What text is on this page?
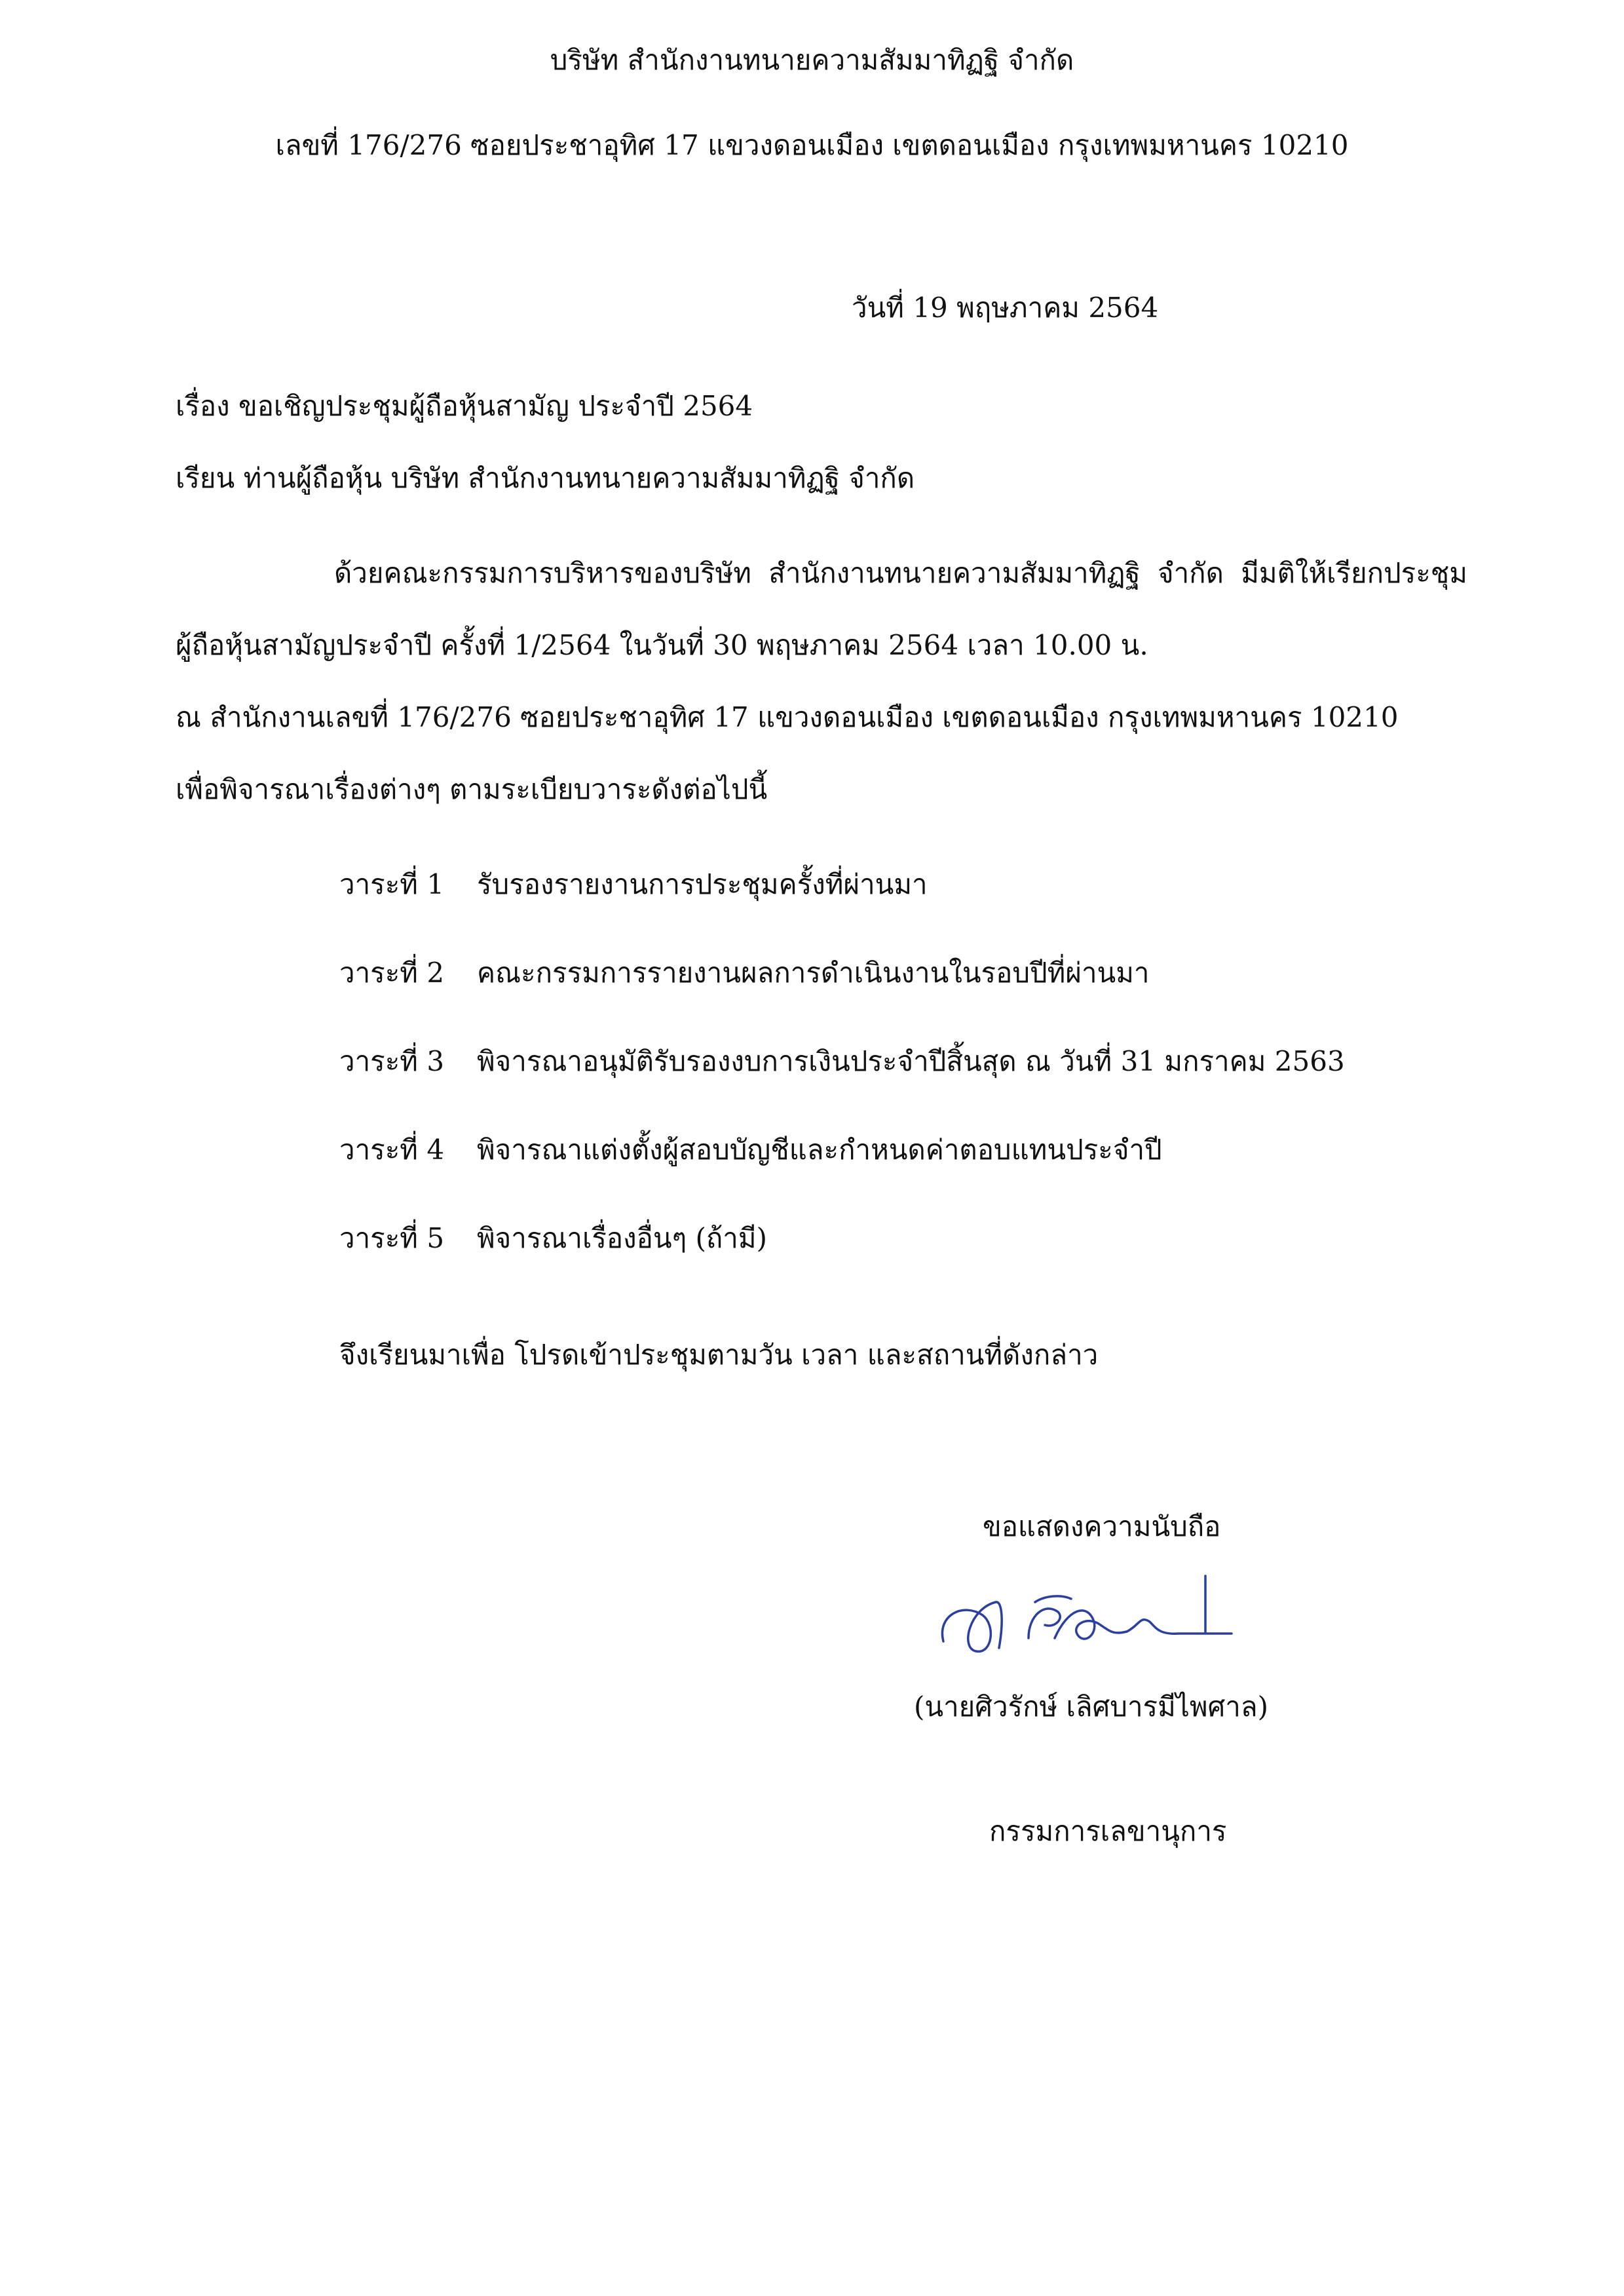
บริษัท สำนักงานทนายความสัมมาทิฏฐิ จำกัด
เลขที่ 176/276 ซอยประชาอุทิศ 17 แขวงดอนเมือง เขตดอนเมือง กรุงเทพมหานคร 10210
วันที่ 19 พฤษภาคม 2564
เรื่อง ขอเชิญประชุมผู้ถือหุ้นสามัญ ประจำปี 2564
เรียน ท่านผู้ถือหุ้น บริษัท สำนักงานทนายความสัมมาทิฏฐิ จำกัด
ด้วยคณะกรรมการบริหารของบริษัท สำนักงานทนายความสัมมาทิฏฐิ จำกัด มีมติให้เรียกประชุม
ผู้ถือหุ้นสามัญประจำปี ครั้งที่ 1/2564 ในวันที่ 30 พฤษภาคม 2564 เวลา 10.00 น.
ณ สำนักงานเลขที่ 176/276 ซอยประชาอุทิศ 17 แขวงดอนเมือง เขตดอนเมือง กรุงเทพมหานคร 10210
เพื่อพิจารณาเรื่องต่างๆ ตามระเบียบวาระดังต่อไปนี้
วาระที่ 1 รับรองรายงานการประชุมครั้งที่ผ่านมา
วาระที่ 2 คณะกรรมการรายงานผลการดำเนินงานในรอบปีที่ผ่านมา
วาระที่ 3 พิจารณาอนุมัติรับรองงบการเงินประจำปีสิ้นสุด ณ วันที่ 31 มกราคม 2563
วาระที่ 4 พิจารณาแต่งตั้งผู้สอบบัญชีและกำหนดค่าตอบแทนประจำปี
วาระที่ 5 พิจารณาเรื่องอื่นๆ (ถ้ามี)
จึงเรียนมาเพื่อ โปรดเข้าประชุมตามวัน เวลา และสถานที่ดังกล่าว
ขอแสดงความนับถือ
(นายศิวรักษ์ เลิศบารมีไพศาล)
กรรมการเลขานุการ
